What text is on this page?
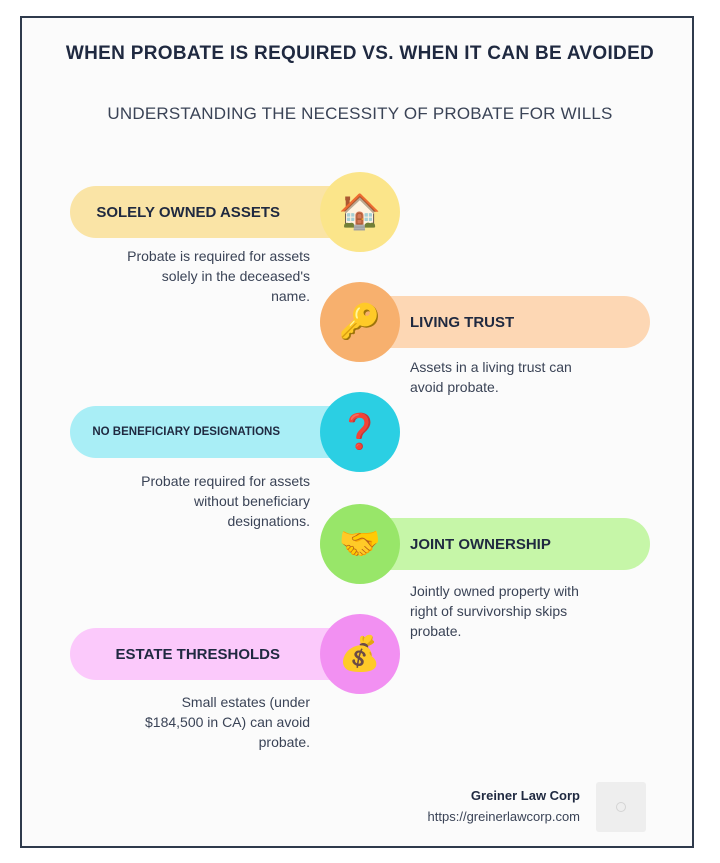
WHEN PROBATE IS REQUIRED VS. WHEN IT CAN BE AVOIDED
UNDERSTANDING THE NECESSITY OF PROBATE FOR WILLS
SOLELY OWNED ASSETS 🏠
Probate is required for assets
solely in the deceased's
name.
LIVING TRUST
🔑
Assets in a living trust can
avoid probate.
NO BENEFICIARY DESIGNATIONS ❓
Probate required for assets
without beneficiary
designations.
JOINT OWNERSHIP
🤝
Jointly owned property with
right of survivorship skips
probate.
ESTATE THRESHOLDS 💰
Small estates (under
$184,500 in CA) can avoid
probate.
Greiner Law Corp
https://greinerlawcorp.com
